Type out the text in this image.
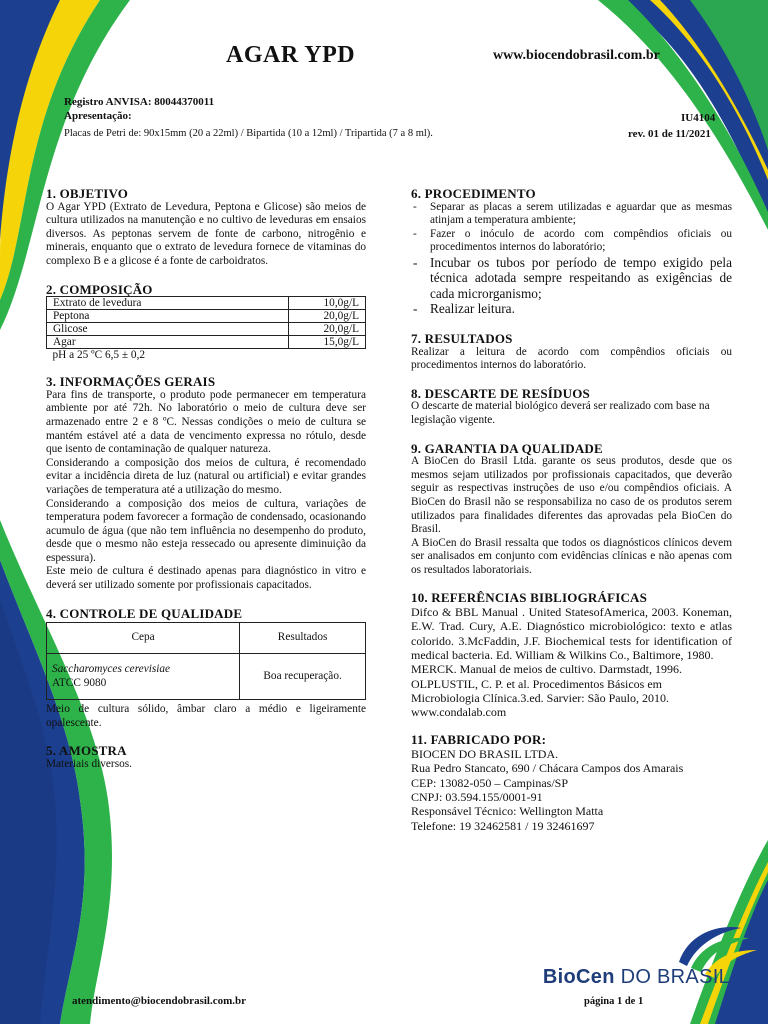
AGAR YPD	www.biocendobrasil.com.br
Registro ANVISA: 80044370011
Apresentação:
Placas de Petri de: 90x15mm (20 a 22ml) / Bipartida (10 a 12ml) / Tripartida (7 a 8 ml).
IU4104
rev. 01 de 11/2021
1. OBJETIVO

O Agar YPD (Extrato de Levedura, Peptona e Glicose) são meios de cultura utilizados na manutenção e no cultivo de leveduras em ensaios diversos. As peptonas servem de fonte de carbono, nitrogênio e minerais, enquanto que o extrato de levedura fornece de vitaminas do complexo B e a glicose é a fonte de carboidratos.

2. COMPOSIÇÃO
Extrato de levedura	10,0g/L
Peptona	20,0g/L
Glicose	20,0g/L
Agar	15,0g/L
pH a 25 ºC 6,5 ± 0,2	
3. INFORMAÇÕES GERAIS

Para fins de transporte, o produto pode permanecer em temperatura ambiente por até 72h. No laboratório o meio de cultura deve ser armazenado entre 2 e 8 ºC. Nessas condições o meio de cultura se mantém estável até a data de vencimento expressa no rótulo, desde que isento de contaminação de qualquer natureza.

Considerando a composição dos meios de cultura, é recomendado evitar a incidência direta de luz (natural ou artificial) e evitar grandes variações de temperatura até a utilização do mesmo.

Considerando a composição dos meios de cultura, variações de temperatura podem favorecer a formação de condensado, ocasionando acumulo de água (que não tem influência no desempenho do produto, desde que o mesmo não esteja ressecado ou apresente diminuição da espessura).

Este meio de cultura é destinado apenas para diagnóstico in vitro e deverá ser utilizado somente por profissionais capacitados.

4. CONTROLE DE QUALIDADE
Cepa	Resultados
Saccharomyces cerevisiae
ATCC 9080	Boa recuperação.

Meio de cultura sólido, âmbar claro a médio e ligeiramente opalescente.

5. AMOSTRA

Materiais diversos.

6. PROCEDIMENTO
- Separar as placas a serem utilizadas e aguardar que as mesmas atinjam a temperatura ambiente;
- Fazer o inóculo de acordo com compêndios oficiais ou procedimentos internos do laboratório;
- Incubar os tubos por período de tempo exigido pela técnica adotada sempre respeitando as exigências de cada microrganismo;
- Realizar leitura.
7. RESULTADOS

Realizar a leitura de acordo com compêndios oficiais ou procedimentos internos do laboratório.

8. DESCARTE DE RESÍDUOS

O descarte de material biológico deverá ser realizado com base na legislação vigente.

9. GARANTIA DA QUALIDADE

A BioCen do Brasil Ltda. garante os seus produtos, desde que os mesmos sejam utilizados por profissionais capacitados, que deverão seguir as respectivas instruções de uso e/ou compêndios oficiais. A BioCen do Brasil não se responsabiliza no caso de os produtos serem utilizados para finalidades diferentes das aprovadas pela BioCen do Brasil.

A BioCen do Brasil ressalta que todos os diagnósticos clínicos devem ser analisados em conjunto com evidências clínicas e não apenas com os resultados laboratoriais.

10. REFERÊNCIAS BIBLIOGRÁFICAS

Difco & BBL Manual . United StatesofAmerica, 2003. Koneman, E.W. Trad. Cury, A.E. Diagnóstico microbiológico: texto e atlas colorido. 3.McFaddin, J.F. Biochemical tests for identification of medical bacteria. Ed. William & Wilkins Co., Baltimore, 1980.

MERCK. Manual de meios de cultivo. Darmstadt, 1996. OLPLUSTIL, C. P. et al. Procedimentos Básicos em Microbiologia Clínica.3.ed. Sarvier: São Paulo, 2010. www.condalab.com

11. FABRICADO POR:
BIOCEN DO BRASIL LTDA.
Rua Pedro Stancato, 690 / Chácara Campos dos Amarais
CEP: 13082-050 – Campinas/SP
CNPJ: 03.594.155/0001-91
Responsável Técnico: Wellington Matta
Telefone: 19 32462581 / 19 32461697
BioCen DO BRASIL
atendimento@biocendobrasil.com.br	página 1 de 1
